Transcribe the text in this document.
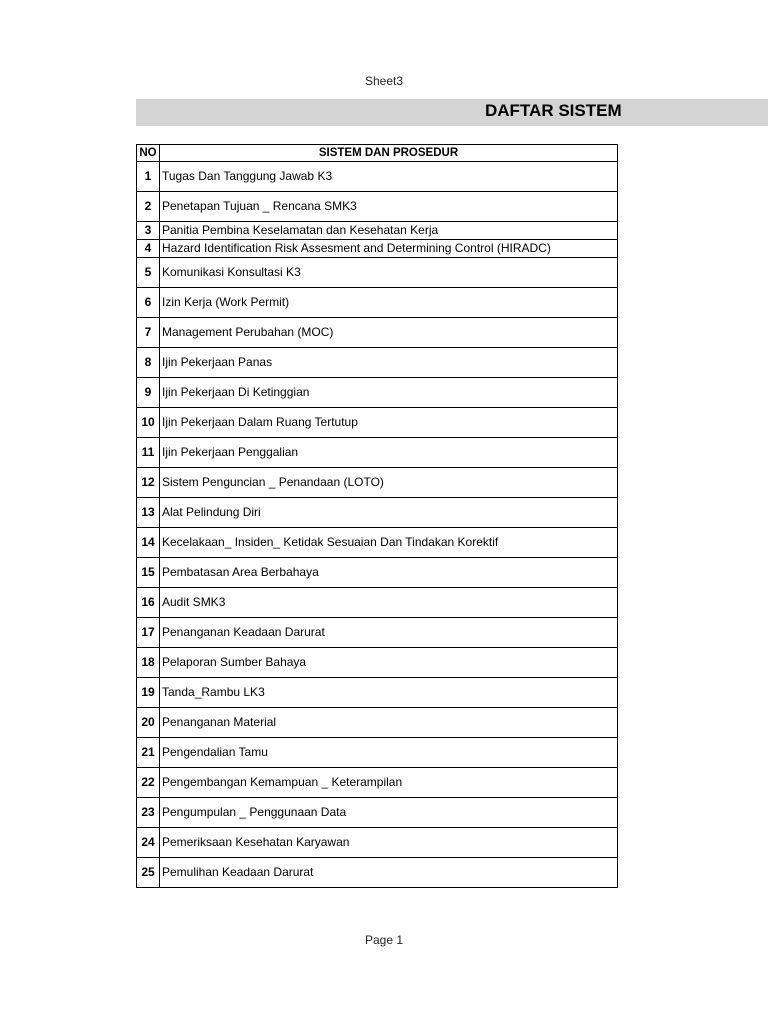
Sheet3
DAFTAR SISTEM
NO	SISTEM DAN PROSEDUR
1	Tugas Dan Tanggung Jawab K3
2	Penetapan Tujuan _ Rencana SMK3
3	Panitia Pembina Keselamatan dan Kesehatan Kerja
4	Hazard Identification Risk Assesment and Determining Control (HIRADC)
5	Komunikasi Konsultasi K3
6	Izin Kerja (Work Permit)
7	Management Perubahan (MOC)
8	Ijin Pekerjaan Panas
9	Ijin Pekerjaan Di Ketinggian
10	Ijin Pekerjaan Dalam Ruang Tertutup
11	Ijin Pekerjaan Penggalian
12	Sistem Penguncian _ Penandaan (LOTO)
13	Alat Pelindung Diri
14	Kecelakaan_ Insiden_ Ketidak Sesuaian Dan Tindakan Korektif
15	Pembatasan Area Berbahaya
16	Audit SMK3
17	Penanganan Keadaan Darurat
18	Pelaporan Sumber Bahaya
19	Tanda_Rambu LK3
20	Penanganan Material
21	Pengendalian Tamu
22	Pengembangan Kemampuan _ Keterampilan
23	Pengumpulan _ Penggunaan Data
24	Pemeriksaan Kesehatan Karyawan
25	Pemulihan Keadaan Darurat
Page 1
